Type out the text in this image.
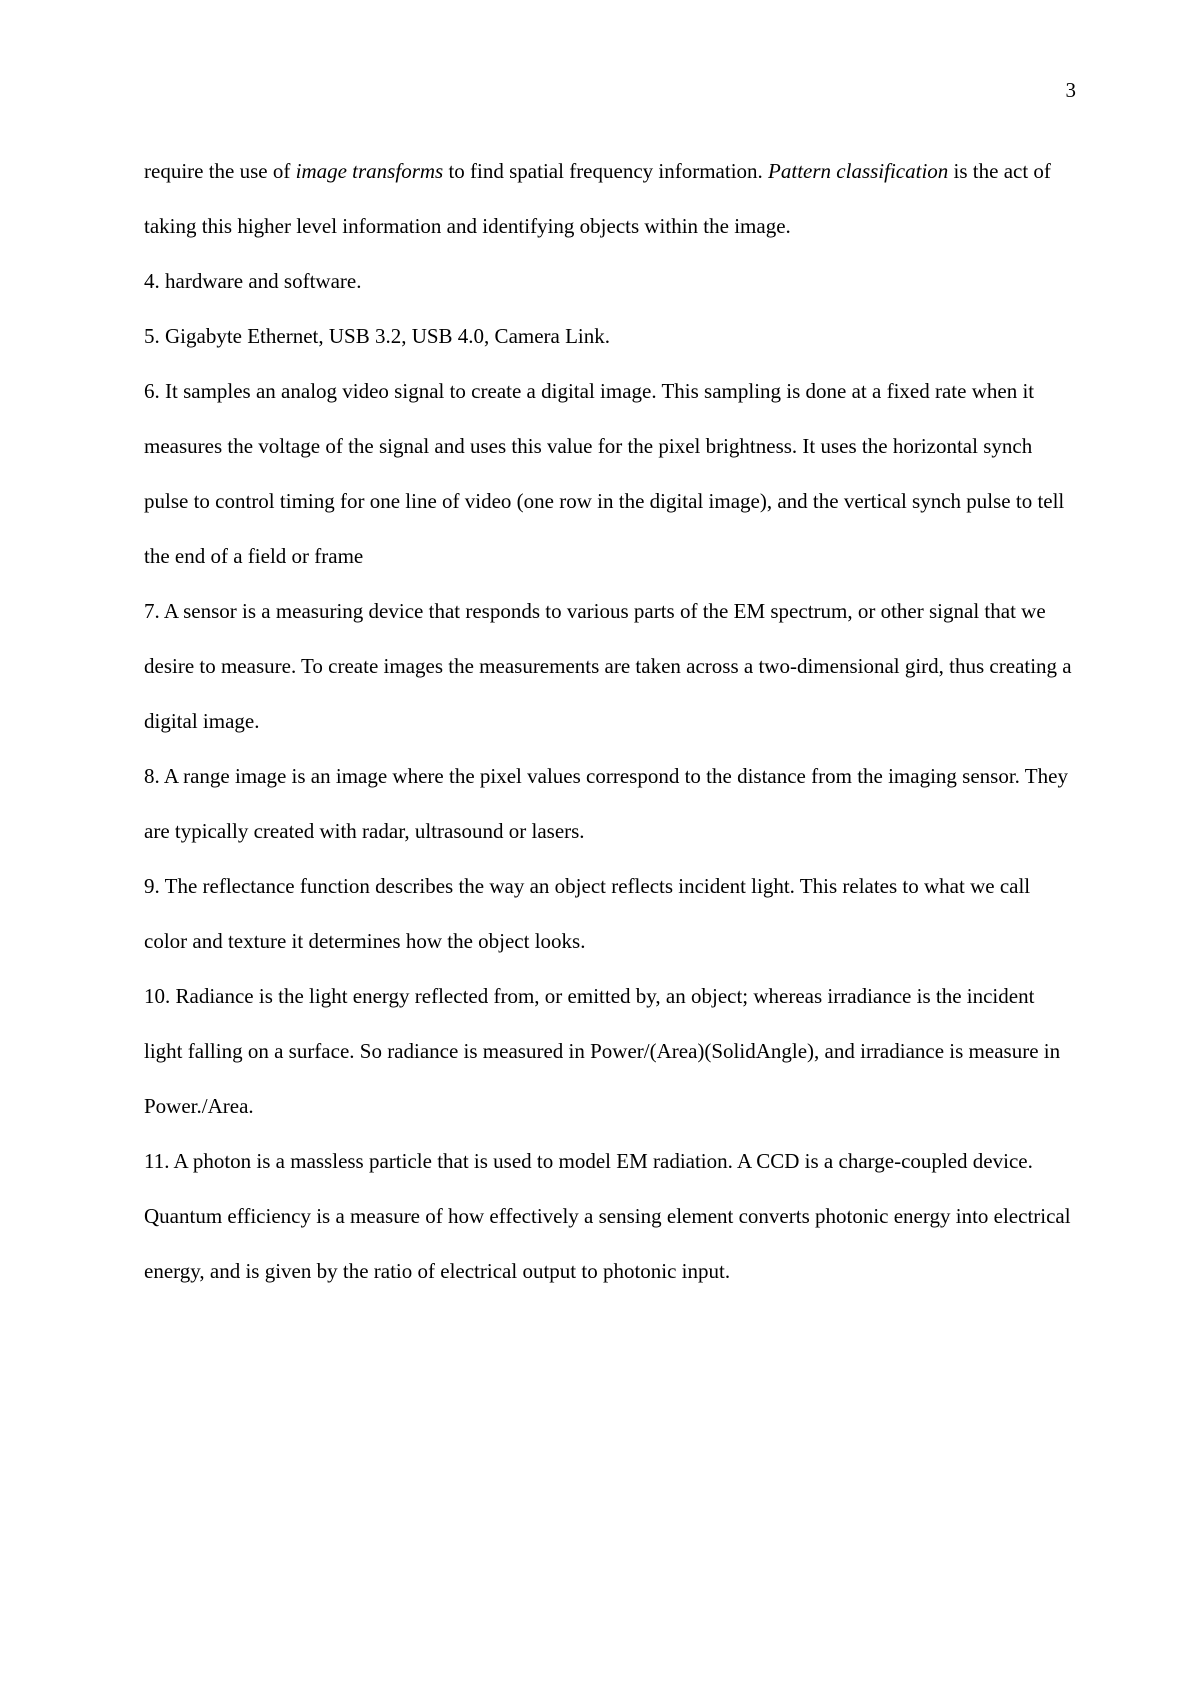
3

require the use of image transforms to find spatial frequency information. Pattern classification is the act of taking this higher level information and identifying objects within the image.

4. hardware and software.

5. Gigabyte Ethernet, USB 3.2, USB 4.0, Camera Link.

6. It samples an analog video signal to create a digital image. This sampling is done at a fixed rate when it measures the voltage of the signal and uses this value for the pixel brightness. It uses the horizontal synch pulse to control timing for one line of video (one row in the digital image), and the vertical synch pulse to tell the end of a field or frame

7. A sensor is a measuring device that responds to various parts of the EM spectrum, or other signal that we desire to measure. To create images the measurements are taken across a two-dimensional gird, thus creating a digital image.

8. A range image is an image where the pixel values correspond to the distance from the imaging sensor. They are typically created with radar, ultrasound or lasers.

9. The reflectance function describes the way an object reflects incident light. This relates to what we call color and texture it determines how the object looks.

10. Radiance is the light energy reflected from, or emitted by, an object; whereas irradiance is the incident light falling on a surface. So radiance is measured in Power/(Area)(SolidAngle), and irradiance is measure in Power./Area.

11. A photon is a massless particle that is used to model EM radiation. A CCD is a charge-coupled device. Quantum efficiency is a measure of how effectively a sensing element converts photonic energy into electrical energy, and is given by the ratio of electrical output to photonic input.
